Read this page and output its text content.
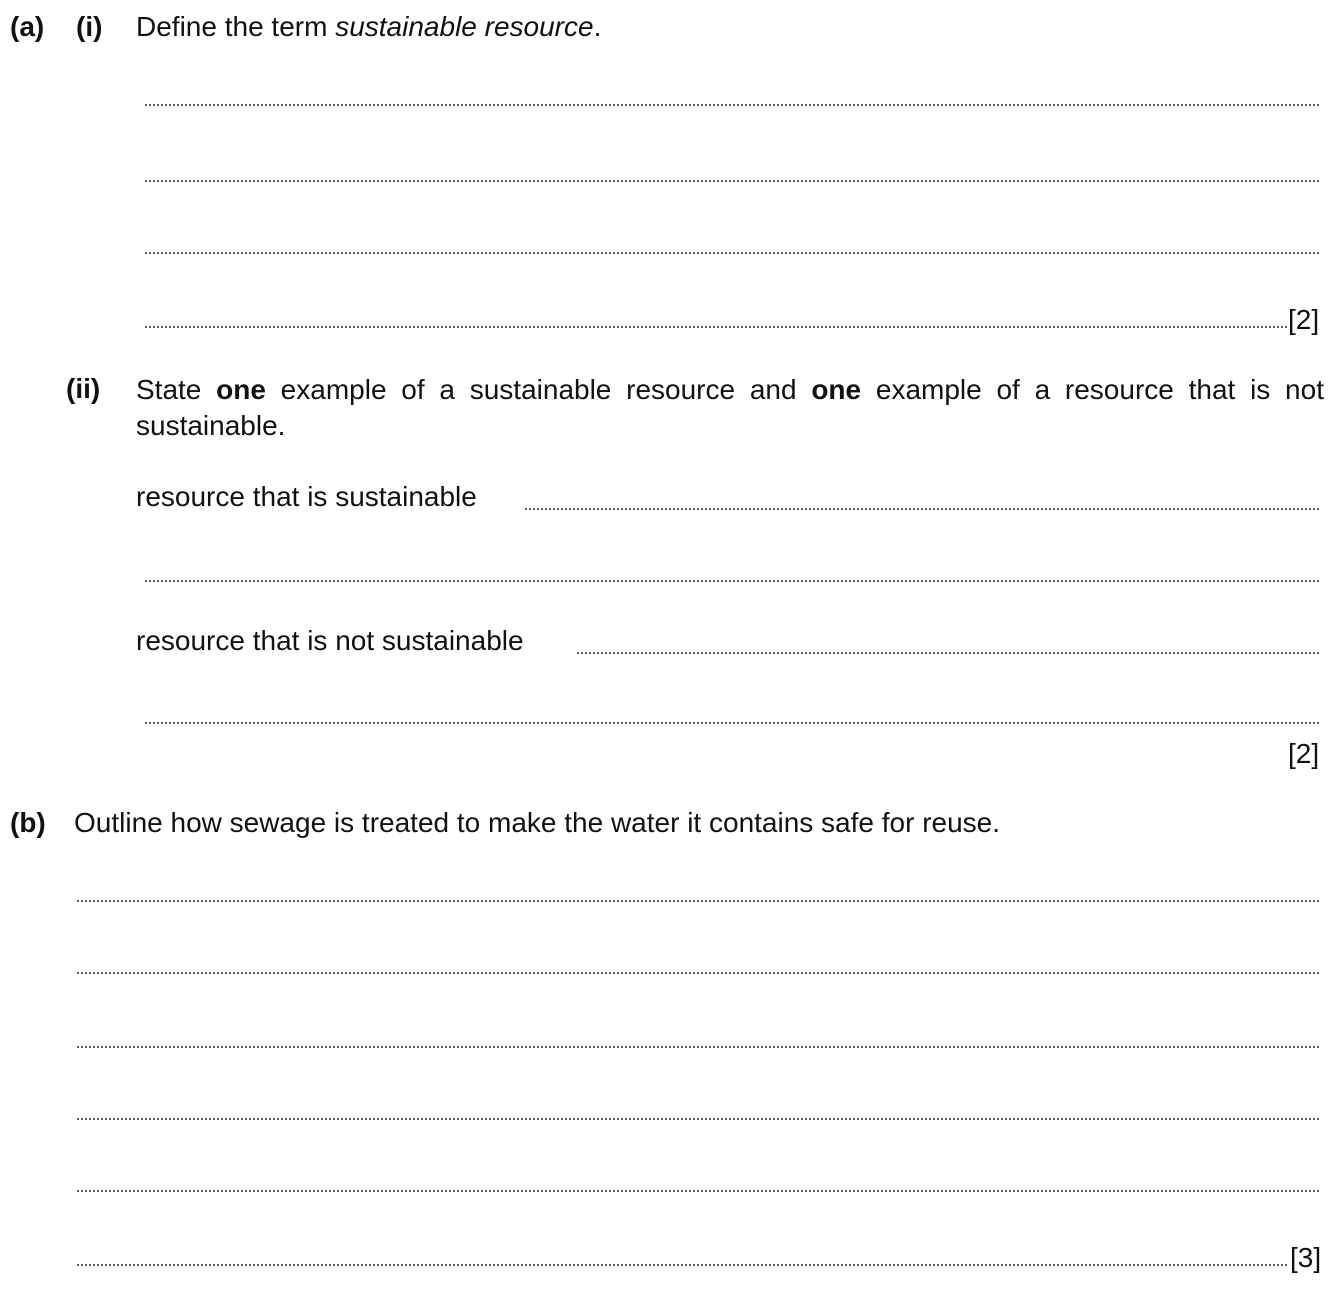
(a) (i) Define the term sustainable resource.
[2]
(ii) State one example of a sustainable resource and one example of a resource that is not sustainable.
resource that is sustainable
resource that is not sustainable
[2]
(b) Outline how sewage is treated to make the water it contains safe for reuse.
[3]
